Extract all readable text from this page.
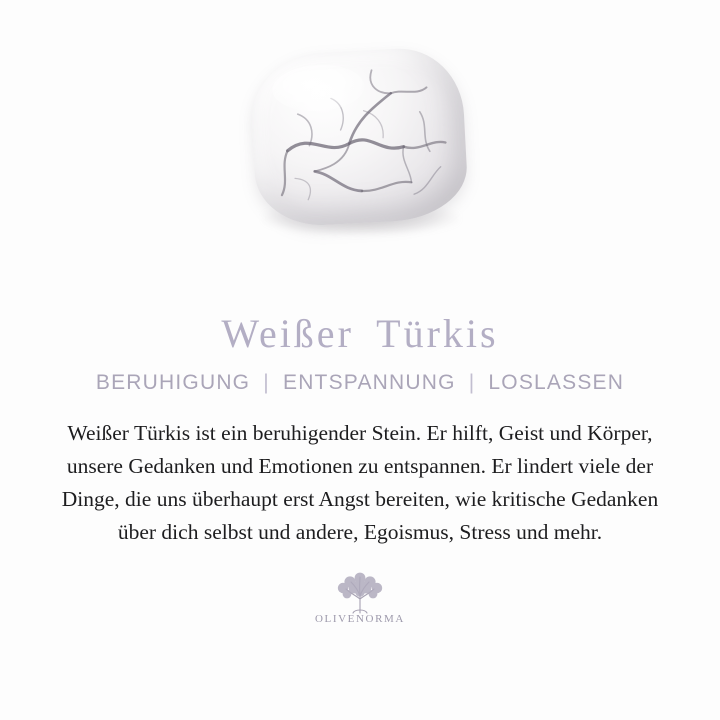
Weißer Türkis
BERUHIGUNG | ENTSPANNUNG | LOSLASSEN
Weißer Türkis ist ein beruhigender Stein. Er hilft, Geist und Körper, unsere Gedanken und Emotionen zu entspannen. Er lindert viele der Dinge, die uns überhaupt erst Angst bereiten, wie kritische Gedanken über dich selbst und andere, Egoismus, Stress und mehr.
OLIVENORMA
